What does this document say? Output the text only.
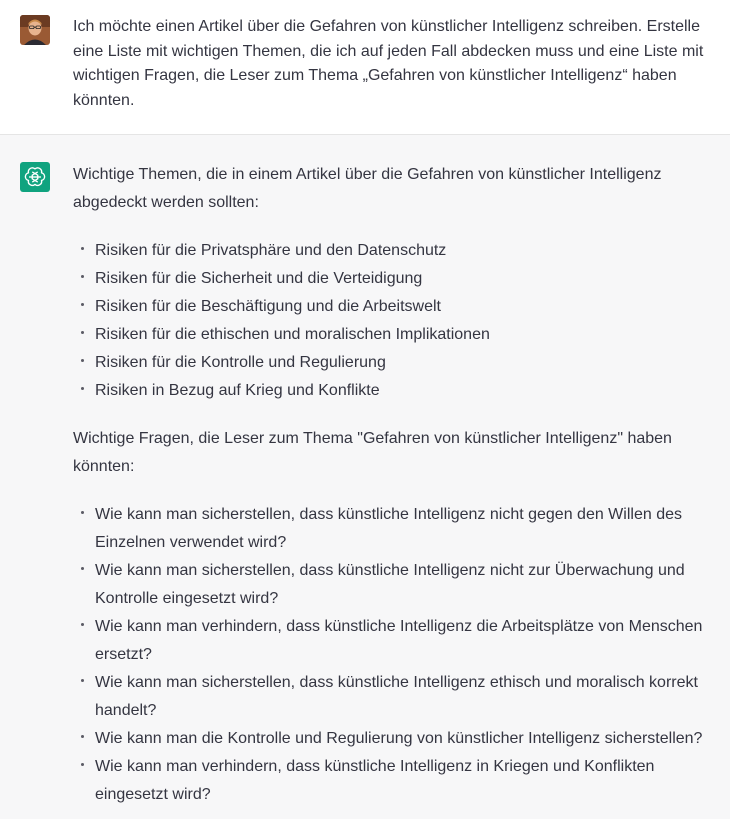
Ich möchte einen Artikel über die Gefahren von künstlicher Intelligenz schreiben. Erstelle eine Liste mit wichtigen Themen, die ich auf jeden Fall abdecken muss und eine Liste mit wichtigen Fragen, die Leser zum Thema „Gefahren von künstlicher Intelligenz“ haben könnten.

Wichtige Themen, die in einem Artikel über die Gefahren von künstlicher Intelligenz abgedeckt werden sollten:

Risiken für die Privatsphäre und den Datenschutz
Risiken für die Sicherheit und die Verteidigung
Risiken für die Beschäftigung und die Arbeitswelt
Risiken für die ethischen und moralischen Implikationen
Risiken für die Kontrolle und Regulierung
Risiken in Bezug auf Krieg und Konflikte

Wichtige Fragen, die Leser zum Thema "Gefahren von künstlicher Intelligenz" haben könnten:

Wie kann man sicherstellen, dass künstliche Intelligenz nicht gegen den Willen des Einzelnen verwendet wird?
Wie kann man sicherstellen, dass künstliche Intelligenz nicht zur Überwachung und Kontrolle eingesetzt wird?
Wie kann man verhindern, dass künstliche Intelligenz die Arbeitsplätze von Menschen ersetzt?
Wie kann man sicherstellen, dass künstliche Intelligenz ethisch und moralisch korrekt handelt?
Wie kann man die Kontrolle und Regulierung von künstlicher Intelligenz sicherstellen?
Wie kann man verhindern, dass künstliche Intelligenz in Kriegen und Konflikten eingesetzt wird?
